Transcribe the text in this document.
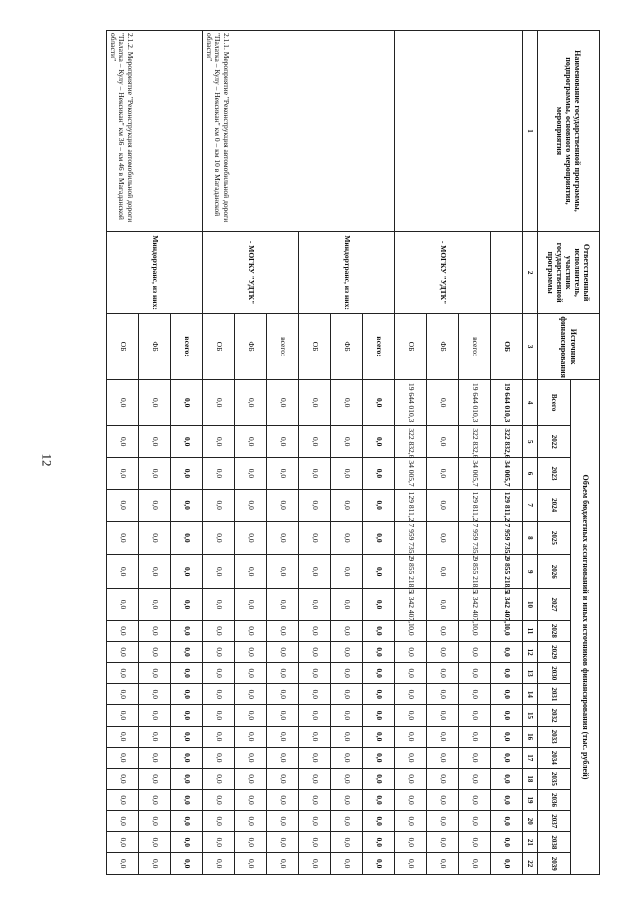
12
Наименование государственной программы, подпрограммы, основного мероприятия, мероприятия	Ответственный исполнитель, участник государственной программы	Источник финансирования	Объем бюджетных ассигнований и иных источников финансирования (тыс. рублей)																		
			Всего	2022	2023	2024	2025	2026	2027	2028	2029	2030	2031	2032	2033	2034	2035	2036	2037	2038	2039
1	2	3	4	5	6	7	8	9	10	11	12	13	14	15	16	17	18	19	20	21	22
		ОБ	19 644 010,3	322 832,6	34 005,7	129 811,2	7 959 735,2	9 855 218,5	1 342 407,1	0,0	0,0	0,0	0,0	0,0	0,0	0,0	0,0	0,0	0,0	0,0	0,0
	- МОГКУ "УДТК"	всего:	19 644 010,3	322 832,6	34 005,7	129 811,2	7 959 735,2	9 855 218,5	1 342 407,1	0,0	0,0	0,0	0,0	0,0	0,0	0,0	0,0	0,0	0,0	0,0	0,0
		ФБ	0,0	0,0	0,0	0,0	0,0	0,0	0,0	0,0	0,0	0,0	0,0	0,0	0,0	0,0	0,0	0,0	0,0	0,0	0,0
		ОБ	19 644 010,3	322 832,6	34 005,7	129 811,2	7 959 735,2	9 855 218,5	1 342 407,1	0,0	0,0	0,0	0,0	0,0	0,0	0,0	0,0	0,0	0,0	0,0	0,0
2.1.1. Мероприятие "Реконструкция автомобильной дороги "Палатка – Кулу – Нексикан" км 0 – км 10 в Магаданской области"	Миндортранс, из них:	всего:	0,0	0,0	0,0	0,0	0,0	0,0	0,0	0,0	0,0	0,0	0,0	0,0	0,0	0,0	0,0	0,0	0,0	0,0	0,0
		ФБ	0,0	0,0	0,0	0,0	0,0	0,0	0,0	0,0	0,0	0,0	0,0	0,0	0,0	0,0	0,0	0,0	0,0	0,0	0,0
		ОБ	0,0	0,0	0,0	0,0	0,0	0,0	0,0	0,0	0,0	0,0	0,0	0,0	0,0	0,0	0,0	0,0	0,0	0,0	0,0
	- МОГКУ "УДТК"	всего:	0,0	0,0	0,0	0,0	0,0	0,0	0,0	0,0	0,0	0,0	0,0	0,0	0,0	0,0	0,0	0,0	0,0	0,0	0,0
		ФБ	0,0	0,0	0,0	0,0	0,0	0,0	0,0	0,0	0,0	0,0	0,0	0,0	0,0	0,0	0,0	0,0	0,0	0,0	0,0
		ОБ	0,0	0,0	0,0	0,0	0,0	0,0	0,0	0,0	0,0	0,0	0,0	0,0	0,0	0,0	0,0	0,0	0,0	0,0	0,0
2.1.2. Мероприятие "Реконструкция автомобильной дороги "Палатка – Кулу – Нексикан" км 36 – км 46 в Магаданской области"	Миндортранс, из них:	всего:	0,0	0,0	0,0	0,0	0,0	0,0	0,0	0,0	0,0	0,0	0,0	0,0	0,0	0,0	0,0	0,0	0,0	0,0	0,0
		ФБ	0,0	0,0	0,0	0,0	0,0	0,0	0,0	0,0	0,0	0,0	0,0	0,0	0,0	0,0	0,0	0,0	0,0	0,0	0,0
		ОБ	0,0	0,0	0,0	0,0	0,0	0,0	0,0	0,0	0,0	0,0	0,0	0,0	0,0	0,0	0,0	0,0	0,0	0,0	0,0
